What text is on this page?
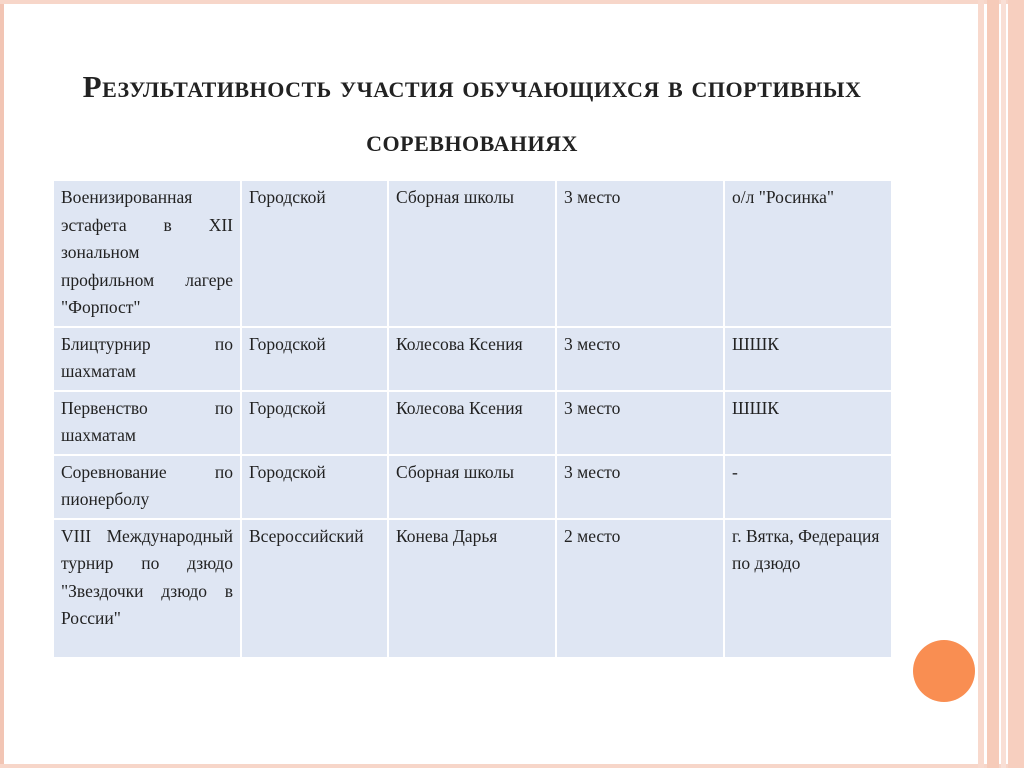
Результативность участия обучающихся в спортивных соревнованиях
Военизированная эстафета в XII зональном профильном лагере "Форпост"	Городской	Сборная школы	3 место	о/л "Росинка"
Блицтурнир по шахматам	Городской	Колесова Ксения	3 место	ШШК
Первенство по шахматам	Городской	Колесова Ксения	3 место	ШШК
Соревнование по пионерболу	Городской	Сборная школы	3 место	-
VIII Международный турнир по дзюдо "Звездочки дзюдо в России"	Всероссийский	Конева Дарья	2 место	г. Вятка, Федерация по дзюдо
